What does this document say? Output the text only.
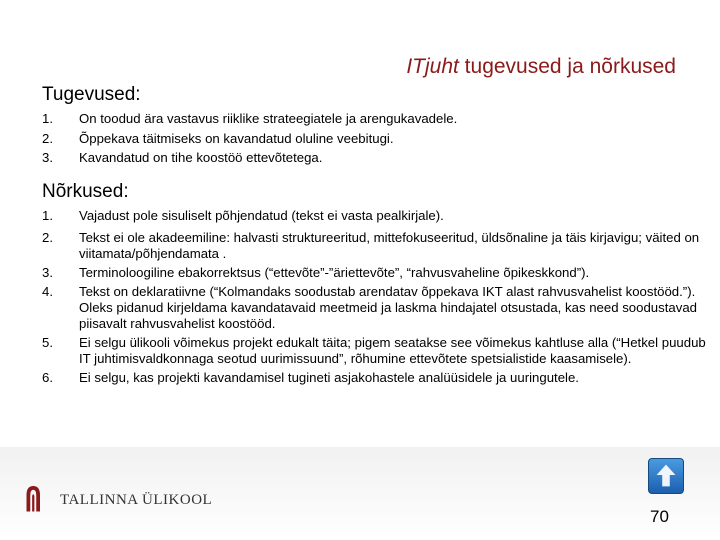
ITjuht tugevused ja nõrkused
Tugevused:
1. On toodud ära vastavus riiklike strateegiatele ja arengukavadele.
2. Õppekava täitmiseks on kavandatud oluline veebitugi.
3. Kavandatud on tihe koostöö ettevõtetega.
Nõrkused:
1. Vajadust pole sisuliselt põhjendatud (tekst ei vasta pealkirjale).
2. Tekst ei ole akadeemiline: halvasti struktureeritud, mittefokuseeritud, üldsõnaline ja täis kirjavigu; väited on viitamata/põhjendamata .
3. Terminoloogiline ebakorrektsus (“ettevõte”-”äriettevõte”, “rahvusvaheline õpikeskkond”).
4. Tekst on deklaratiivne (“Kolmandaks soodustab arendatav õppekava IKT alast rahvusvahelist koostööd.”). Oleks pidanud kirjeldama kavandatavaid meetmeid ja laskma hindajatel otsustada, kas need soodustavad piisavalt rahvusvahelist koostööd.
5. Ei selgu ülikooli võimekus projekt edukalt täita; pigem seatakse see võimekus kahtluse alla (“Hetkel puudub IT juhtimisvaldkonnaga seotud uurimissuund”, rõhumine ettevõtete spetsialistide kaasamisele).
6. Ei selgu, kas projekti kavandamisel tugineti asjakohastele analüüsidele ja uuringutele.
TALLINNA ÜLIKOOL
70
